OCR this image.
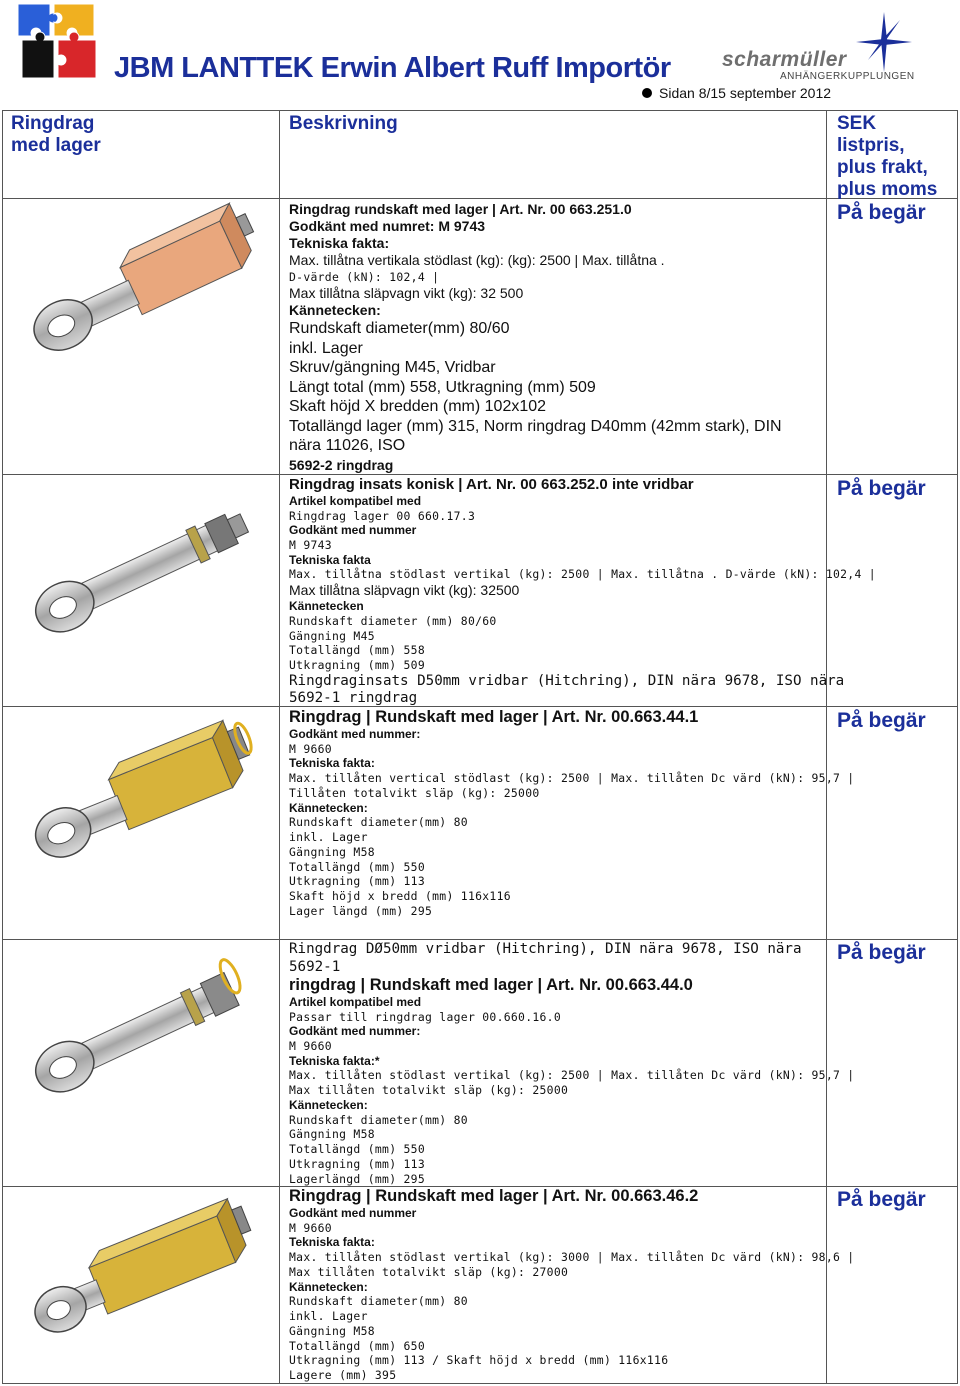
JBM LANTTEK Erwin Albert Ruff Importör scharmüller
ANHÄNGERKUPPLUNGEN
Sidan 8/15 september 2012
Ringdrag
med lager
Beskrivning	SEK
listpris,
plus frakt,
plus moms
På begär
På begär
På begär
På begär
På begär
Ringdrag rundskaft med lager | Art. Nr. 00 663.251.0
Godkänt med numret: M 9743
Tekniska fakta:
Max. tillåtna vertikala stödlast (kg): (kg): 2500 | Max. tillåtna .
D-värde (kN): 102,4 |
Max tillåtna släpvagn vikt (kg): 32 500
Kännetecken:
Rundskaft diameter(mm) 80/60
inkl. Lager
Skruv/gängning M45, Vridbar
Längt total (mm) 558, Utkragning (mm) 509
Skaft höjd X bredden (mm) 102x102
Totallängd lager (mm) 315, Norm ringdrag D40mm (42mm stark), DIN
nära 11026, ISO
5692-2 ringdrag
Ringdrag insats konisk | Art. Nr. 00 663.252.0 inte vridbar
Artikel kompatibel med
Ringdrag lager 00 660.17.3
Godkänt med nummer
M 9743
Tekniska fakta
Max. tillåtna stödlast vertikal (kg): 2500 | Max. tillåtna . D-värde (kN): 102,4 |
Max tillåtna släpvagn vikt (kg): 32500
Kännetecken
Rundskaft diameter (mm) 80/60
Gängning M45
Totallängd (mm) 558
Utkragning (mm) 509
Ringdraginsats D50mm vridbar (Hitchring), DIN nära 9678, ISO nära
5692-1 ringdrag
Ringdrag | Rundskaft med lager | Art. Nr. 00.663.44.1
Godkänt med nummer:
M 9660
Tekniska fakta:
Max. tillåten vertical stödlast (kg): 2500 | Max. tillåten Dc värd (kN): 95,7 |
Tillåten totalvikt släp (kg): 25000
Kännetecken:
Rundskaft diameter(mm) 80
inkl. Lager
Gängning M58
Totallängd (mm) 550
Utkragning (mm) 113
Skaft höjd x bredd (mm) 116x116
Lager längd (mm) 295
Ringdrag DØ50mm vridbar (Hitchring), DIN nära 9678, ISO nära
5692-1
ringdrag | Rundskaft med lager | Art. Nr. 00.663.44.0
Artikel kompatibel med
Passar till ringdrag lager 00.660.16.0
Godkänt med nummer:
M 9660
Tekniska fakta:*
Max. tillåten stödlast vertikal (kg): 2500 | Max. tillåten Dc värd (kN): 95,7 |
Max tillåten totalvikt släp (kg): 25000
Kännetecken:
Rundskaft diameter(mm) 80
Gängning M58
Totallängd (mm) 550
Utkragning (mm) 113
Lagerlängd (mm) 295
Ringdrag | Rundskaft med lager | Art. Nr. 00.663.46.2
Godkänt med nummer
M 9660
Tekniska fakta:
Max. tillåten stödlast vertikal (kg): 3000 | Max. tillåten Dc värd (kN): 98,6 |
Max tillåten totalvikt släp (kg): 27000
Kännetecken:
Rundskaft diameter(mm) 80
inkl. Lager
Gängning M58
Totallängd (mm) 650
Utkragning (mm) 113 / Skaft höjd x bredd (mm) 116x116
Lagere (mm) 395
